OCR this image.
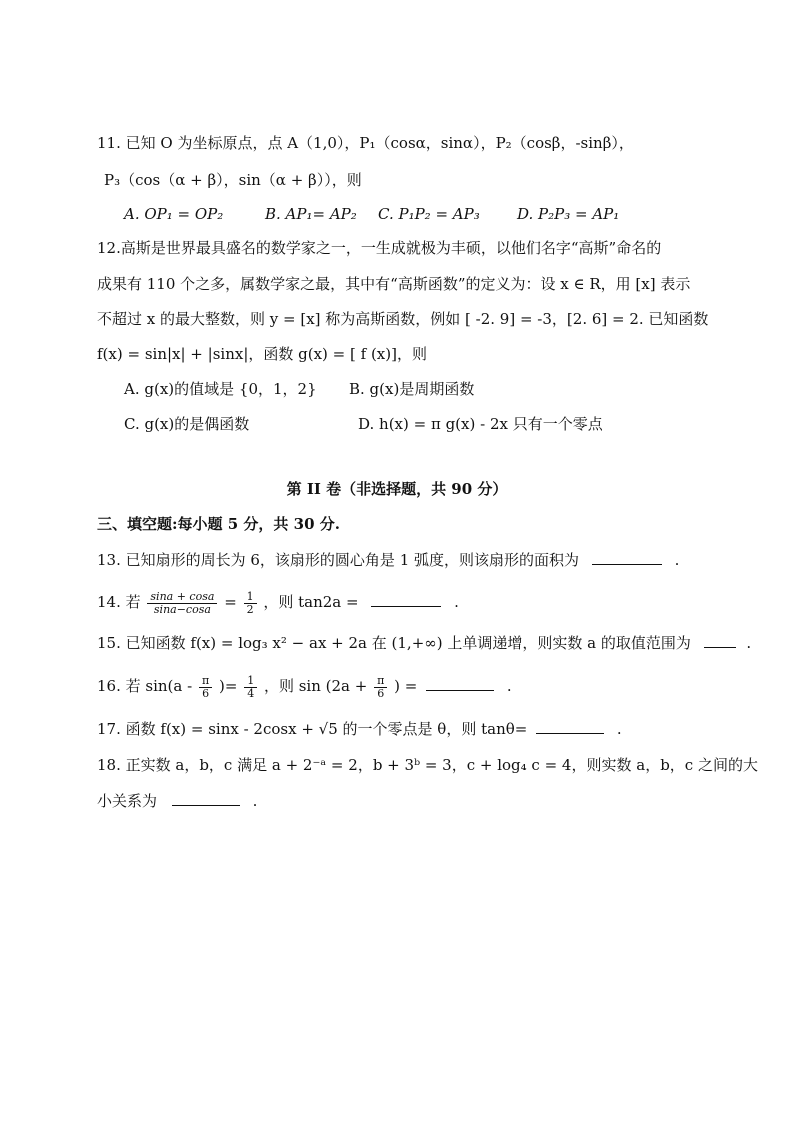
11. 已知 O 为坐标原点，点 A（1,0），P₁（cosα，sinα），P₂（cosβ，-sinβ），
P₃（cos（α + β），sin（α + β）），则
A. OP₁ = OP₂	B. AP₁= AP₂ C. P₁P₂ = AP₃ D. P₂P₃ = AP₁
12.高斯是世界最具盛名的数学家之一，一生成就极为丰硕，以他们名字“高斯”命名的
成果有 110 个之多，属数学家之最，其中有“高斯函数”的定义为：设 x ∈ R，用 [x] 表示
不超过 x 的最大整数，则 y = [x] 称为高斯函数，例如 [ -2. 9] = -3，[2. 6] = 2. 已知函数
f(x) = sin|x| + |sinx|，函数 g(x) = [ f (x)]，则
A. g(x)的值域是 {0，1，2} B. g(x)是周期函数
C. g(x)的是偶函数	D. h(x) = π g(x) - 2x 只有一个零点
第 II 卷（非选择题，共 90 分）
三、填空题:每小题 5 分，共 30 分.
13. 已知扇形的周长为 6，该扇形的圆心角是 1 弧度，则该扇形的面积为	.
14. 若 $\frac{\sin a + \cos a}{\sin a-\cos a} = \frac{1}{2}$ ，则 tan2a =	.
15. 已知函数 f(x) = log₃ x² − ax + 2a 在 (1,+∞) 上单调递增，则实数 a 的取值范围为	.
16. 若 $\sin(a - \frac{\pi}{6}$ )= $\frac{1}{4}$ ，则 $\sin (2a + \frac{\pi}{6}$ ) =	.
17. 函数 f(x) = sinx - 2cosx + √5 的一个零点是 θ，则 tanθ=	.
18. 正实数 a，b，c 满足 a + 2⁻ᵃ = 2，b + 3ᵇ = 3，c + log₄ c = 4，则实数 a，b，c 之间的大
小关系为	.
